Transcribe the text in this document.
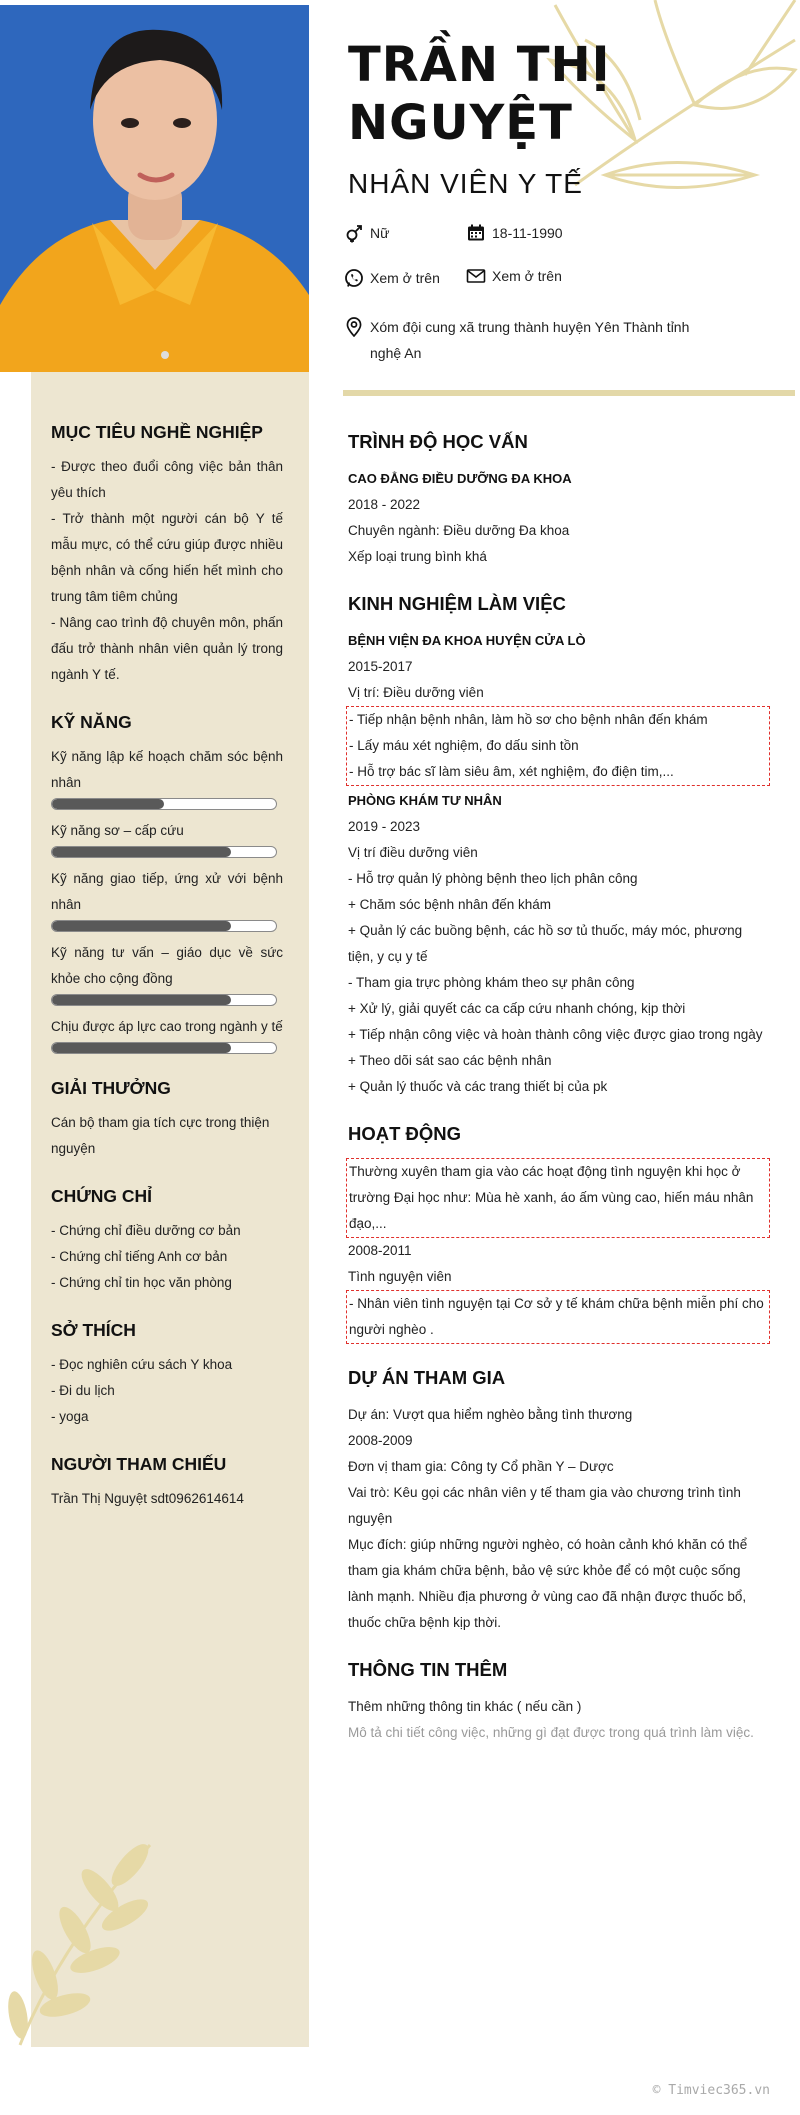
TRẦN THỊ NGUYỆT
NHÂN VIÊN Y TẾ
Nữ	18-11-1990
Xem ở trên	Xem ở trên
Xóm đội cung xã trung thành huyện Yên Thành tỉnh nghệ An
MỤC TIÊU NGHỀ NGHIỆP
- Được theo đuổi công việc bản thân yêu thích
- Trở thành một người cán bộ Y tế mẫu mực, có thể cứu giúp được nhiều bệnh nhân và cống hiến hết mình cho trung tâm tiêm chủng
- Nâng cao trình độ chuyên môn, phấn đấu trở thành nhân viên quản lý trong ngành Y tế.
KỸ NĂNG
Kỹ năng lập kế hoạch chăm sóc bệnh nhân
Kỹ năng sơ – cấp cứu
Kỹ năng giao tiếp, ứng xử với bệnh nhân
Kỹ năng tư vấn – giáo dục về sức khỏe cho cộng đồng
Chịu được áp lực cao trong ngành y tế
GIẢI THƯỞNG
Cán bộ tham gia tích cực trong thiện nguyện
CHỨNG CHỈ
- Chứng chỉ điều dưỡng cơ bản
- Chứng chỉ tiếng Anh cơ bản
- Chứng chỉ tin học văn phòng
SỞ THÍCH
- Đọc nghiên cứu sách Y khoa
- Đi du lịch
- yoga
NGƯỜI THAM CHIẾU
Trần Thị Nguyệt sdt0962614614
TRÌNH ĐỘ HỌC VẤN
CAO ĐẲNG ĐIỀU DƯỠNG ĐA KHOA
2018 - 2022
Chuyên ngành: Điều dưỡng Đa khoa
Xếp loại trung bình khá
KINH NGHIỆM LÀM VIỆC
BỆNH VIỆN ĐA KHOA HUYỆN CỬA LÒ
2015-2017
Vị trí: Điều dưỡng viên
- Tiếp nhận bệnh nhân, làm hồ sơ cho bệnh nhân đến khám
- Lấy máu xét nghiệm, đo dấu sinh tồn
- Hỗ trợ bác sĩ làm siêu âm, xét nghiệm, đo điện tim,...
PHÒNG KHÁM TƯ NHÂN
2019 - 2023
Vị trí điều dưỡng viên
- Hỗ trợ quản lý phòng bệnh theo lịch phân công
+ Chăm sóc bệnh nhân đến khám
+ Quản lý các buồng bệnh, các hồ sơ tủ thuốc, máy móc, phương tiện, y cụ y tế
- Tham gia trực phòng khám theo sự phân công
+ Xử lý, giải quyết các ca cấp cứu nhanh chóng, kịp thời
+ Tiếp nhận công việc và hoàn thành công việc được giao trong ngày
+ Theo dõi sát sao các bệnh nhân
+ Quản lý thuốc và các trang thiết bị của pk
HOẠT ĐỘNG
Thường xuyên tham gia vào các hoạt động tình nguyện khi học ở trường Đại học như: Mùa hè xanh, áo ấm vùng cao, hiến máu nhân đạo,...
2008-2011
Tình nguyện viên
- Nhân viên tình nguyện tại Cơ sở y tế khám chữa bệnh miễn phí cho người nghèo .
DỰ ÁN THAM GIA
Dự án: Vượt qua hiểm nghèo bằng tình thương
2008-2009
Đơn vị tham gia: Công ty Cổ phần Y – Dược
Vai trò: Kêu gọi các nhân viên y tế tham gia vào chương trình tình nguyện
Mục đích: giúp những người nghèo, có hoàn cảnh khó khăn có thể tham gia khám chữa bệnh, bảo vệ sức khỏe để có một cuộc sống lành mạnh. Nhiều địa phương ở vùng cao đã nhận được thuốc bổ, thuốc chữa bệnh kịp thời.
THÔNG TIN THÊM
Thêm những thông tin khác ( nếu cần )
Mô tả chi tiết công việc, những gì đạt được trong quá trình làm việc.
© Timviec365.vn
